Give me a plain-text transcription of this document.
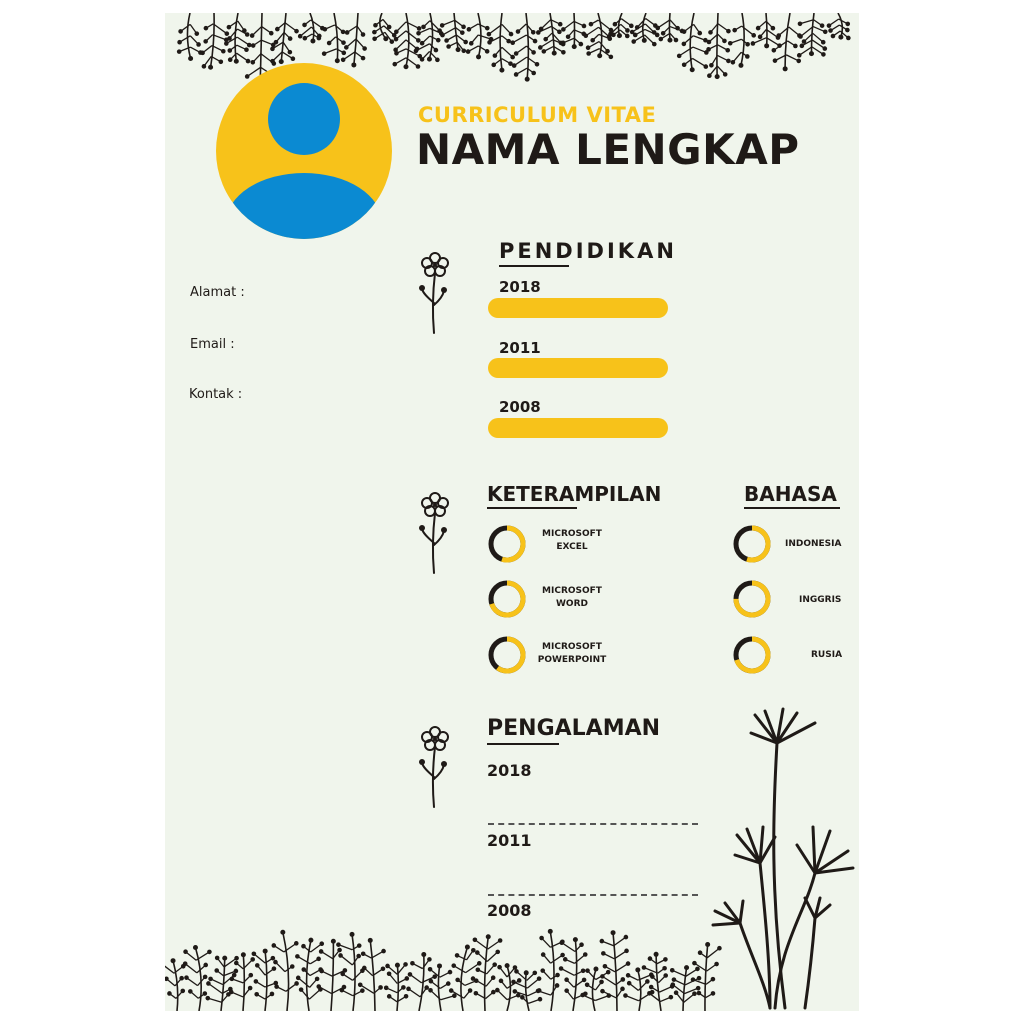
CURRICULUM VITAE
NAMA LENGKAP
Alamat :
Email :
Kontak :
PENDIDIKAN
2018
2011
2008
KETERAMPILAN	BAHASA
MICROSOFT
EXCEL
MICROSOFT
WORD
MICROSOFT
POWERPOINT
INDONESIA
INGGRIS
RUSIA
PENGALAMAN
2018
2011
2008
